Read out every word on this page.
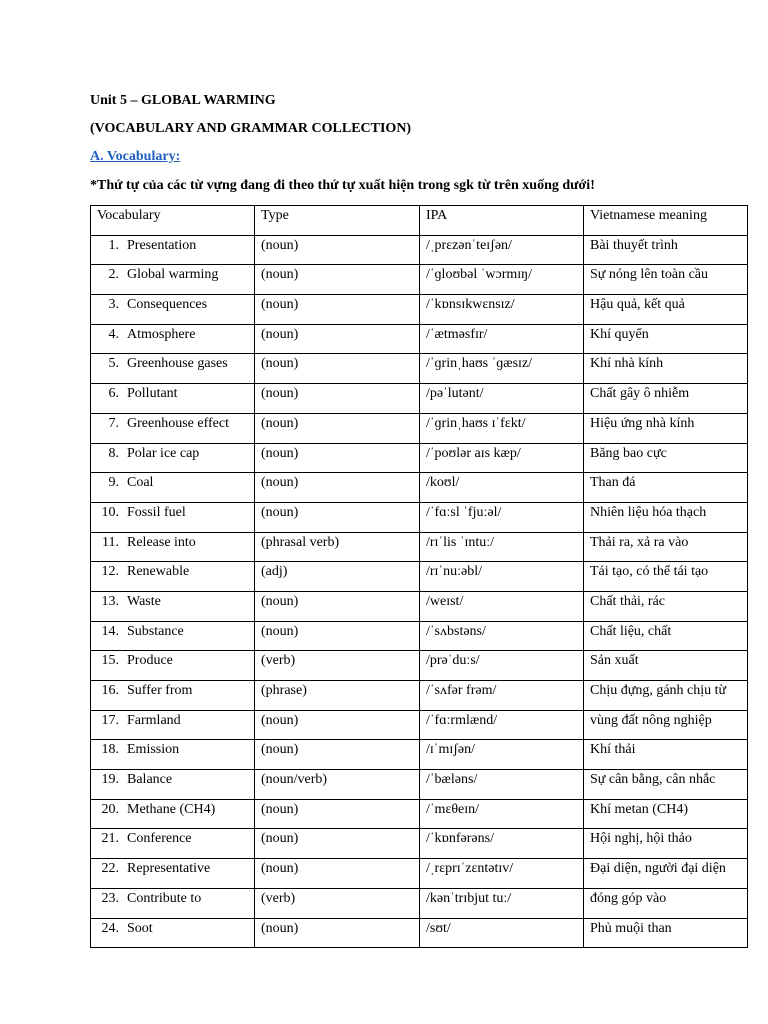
Unit 5 – GLOBAL WARMING
(VOCABULARY AND GRAMMAR COLLECTION)
A. Vocabulary:
*Thứ tự của các từ vựng đang đi theo thứ tự xuất hiện trong sgk từ trên xuống dưới!
Vocabulary	Type	IPA	Vietnamese meaning
1. Presentation	(noun)	/ˌprɛzənˈteɪʃən/	Bài thuyết trình
2. Global warming	(noun)	/ˈɡloʊbəl ˈwɔrmɪŋ/	Sự nóng lên toàn cầu
3. Consequences	(noun)	/ˈkɒnsɪkwɛnsɪz/	Hậu quả, kết quả
4. Atmosphere	(noun)	/ˈætməsfɪr/	Khí quyển
5. Greenhouse gases	(noun)	/ˈɡrinˌhaʊs ˈɡæsɪz/	Khí nhà kính
6. Pollutant	(noun)	/pəˈlutənt/	Chất gây ô nhiễm
7. Greenhouse effect	(noun)	/ˈɡrinˌhaʊs ɪˈfɛkt/	Hiệu ứng nhà kính
8. Polar ice cap	(noun)	/ˈpoʊlər aɪs kæp/	Băng bao cực
9. Coal	(noun)	/koʊl/	Than đá
10. Fossil fuel	(noun)	/ˈfɑːsl ˈfjuːəl/	Nhiên liệu hóa thạch
11. Release into	(phrasal verb)	/rɪˈlis ˈɪntuː/	Thải ra, xả ra vào
12. Renewable	(adj)	/rɪˈnuːəbl/	Tái tạo, có thể tái tạo
13. Waste	(noun)	/weɪst/	Chất thải, rác
14. Substance	(noun)	/ˈsʌbstəns/	Chất liệu, chất
15. Produce	(verb)	/prəˈduːs/	Sản xuất
16. Suffer from	(phrase)	/ˈsʌfər frəm/	Chịu đựng, gánh chịu từ
17. Farmland	(noun)	/ˈfɑːrmlænd/	vùng đất nông nghiệp
18. Emission	(noun)	/ɪˈmɪʃən/	Khí thải
19. Balance	(noun/verb)	/ˈbæləns/	Sự cân bằng, cân nhắc
20. Methane (CH4)	(noun)	/ˈmɛθeɪn/	Khí metan (CH4)
21. Conference	(noun)	/ˈkɒnfərəns/	Hội nghị, hội thảo
22. Representative	(noun)	/ˌrɛprɪˈzɛntətɪv/	Đại diện, người đại diện
23. Contribute to	(verb)	/kənˈtrɪbjut tuː/	đóng góp vào
24. Soot	(noun)	/sʊt/	Phủ muội than
